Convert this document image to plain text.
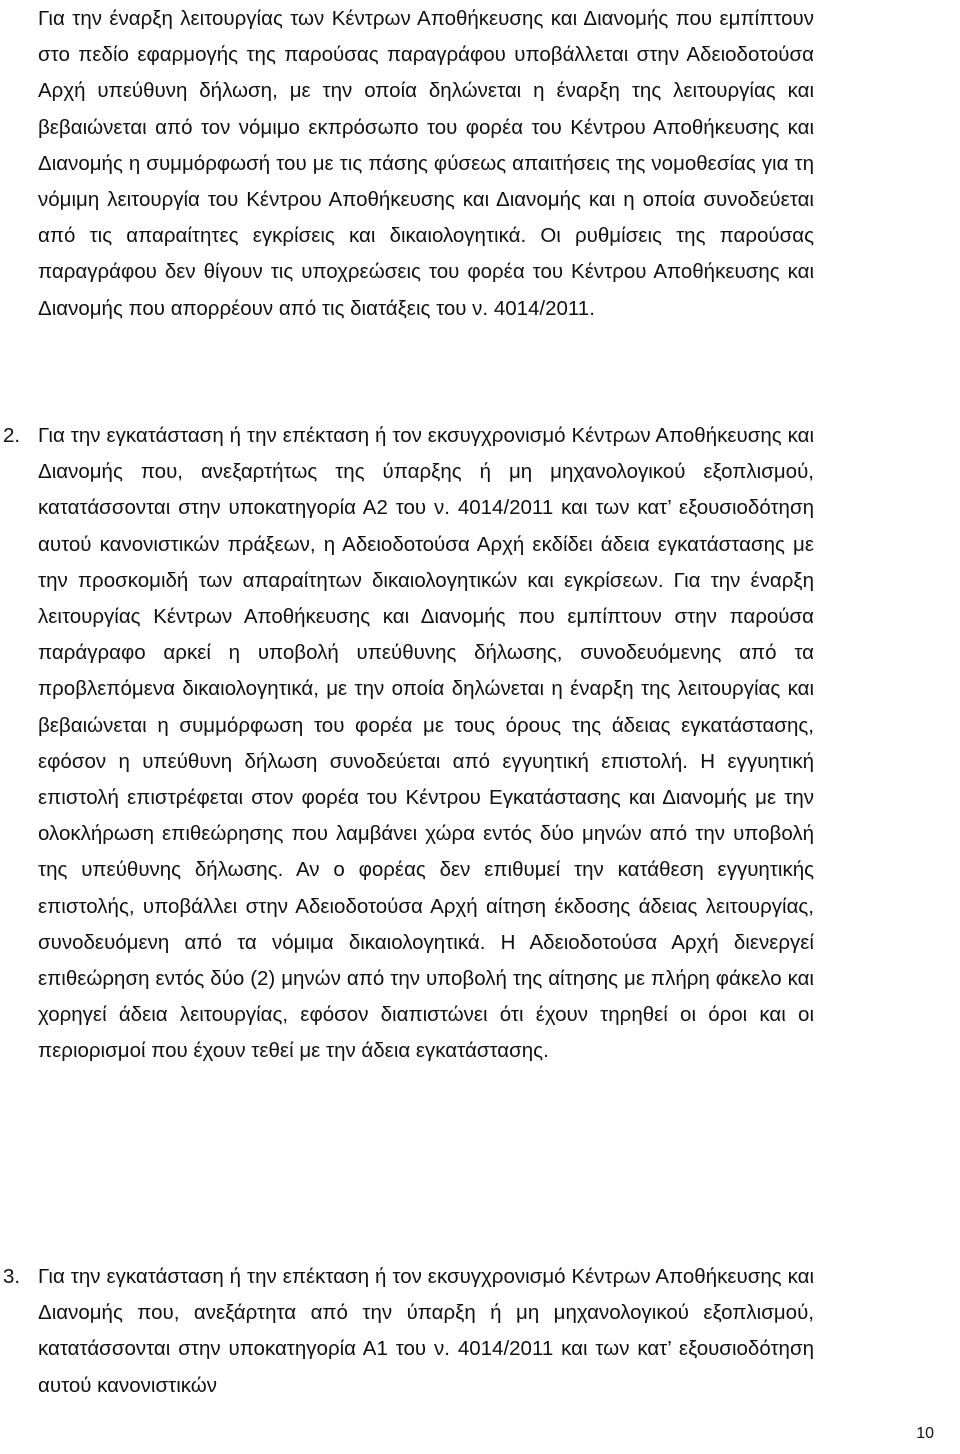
Για την έναρξη λειτουργίας των Κέντρων Αποθήκευσης και Διανομής που εμπίπτουν στο πεδίο εφαρμογής της παρούσας παραγράφου υποβάλλεται στην Αδειοδοτούσα Αρχή υπεύθυνη δήλωση, με την οποία δηλώνεται η έναρξη της λειτουργίας και βεβαιώνεται από τον νόμιμο εκπρόσωπο του φορέα του Κέντρου Αποθήκευσης και Διανομής η συμμόρφωσή του με τις πάσης φύσεως απαιτήσεις της νομοθεσίας για τη νόμιμη λειτουργία του Κέντρου Αποθήκευσης και Διανομής και η οποία συνοδεύεται από τις απαραίτητες εγκρίσεις και δικαιολογητικά. Οι ρυθμίσεις της παρούσας παραγράφου δεν θίγουν τις υποχρεώσεις του φορέα του Κέντρου Αποθήκευσης και Διανομής που απορρέουν από τις διατάξεις του ν. 4014/2011.

2. Για την εγκατάσταση ή την επέκταση ή τον εκσυγχρονισμό Κέντρων Αποθήκευσης και Διανομής που, ανεξαρτήτως της ύπαρξης ή μη μηχανολογικού εξοπλισμού, κατατάσσονται στην υποκατηγορία Α2 του ν. 4014/2011 και των κατ’ εξουσιοδότηση αυτού κανονιστικών πράξεων, η Αδειοδοτούσα Αρχή εκδίδει άδεια εγκατάστασης με την προσκομιδή των απαραίτητων δικαιολογητικών και εγκρίσεων. Για την έναρξη λειτουργίας Κέντρων Αποθήκευσης και Διανομής που εμπίπτουν στην παρούσα παράγραφο αρκεί η υποβολή υπεύθυνης δήλωσης, συνοδευόμενης από τα προβλεπόμενα δικαιολογητικά, με την οποία δηλώνεται η έναρξη της λειτουργίας και βεβαιώνεται η συμμόρφωση του φορέα με τους όρους της άδειας εγκατάστασης, εφόσον η υπεύθυνη δήλωση συνοδεύεται από εγγυητική επιστολή. Η εγγυητική επιστολή επιστρέφεται στον φορέα του Κέντρου Εγκατάστασης και Διανομής με την ολοκλήρωση επιθεώρησης που λαμβάνει χώρα εντός δύο μηνών από την υποβολή της υπεύθυνης δήλωσης. Αν ο φορέας δεν επιθυμεί την κατάθεση εγγυητικής επιστολής, υποβάλλει στην Αδειοδοτούσα Αρχή αίτηση έκδοσης άδειας λειτουργίας, συνοδευόμενη από τα νόμιμα δικαιολογητικά. Η Αδειοδοτούσα Αρχή διενεργεί επιθεώρηση εντός δύο (2) μηνών από την υποβολή της αίτησης με πλήρη φάκελο και χορηγεί άδεια λειτουργίας, εφόσον διαπιστώνει ότι έχουν τηρηθεί οι όροι και οι περιορισμοί που έχουν τεθεί με την άδεια εγκατάστασης.
3. Για την εγκατάσταση ή την επέκταση ή τον εκσυγχρονισμό Κέντρων Αποθήκευσης και Διανομής που, ανεξάρτητα από την ύπαρξη ή μη μηχανολογικού εξοπλισμού, κατατάσσονται στην υποκατηγορία Α1 του ν. 4014/2011 και των κατ’ εξουσιοδότηση αυτού κανονιστικών
10
